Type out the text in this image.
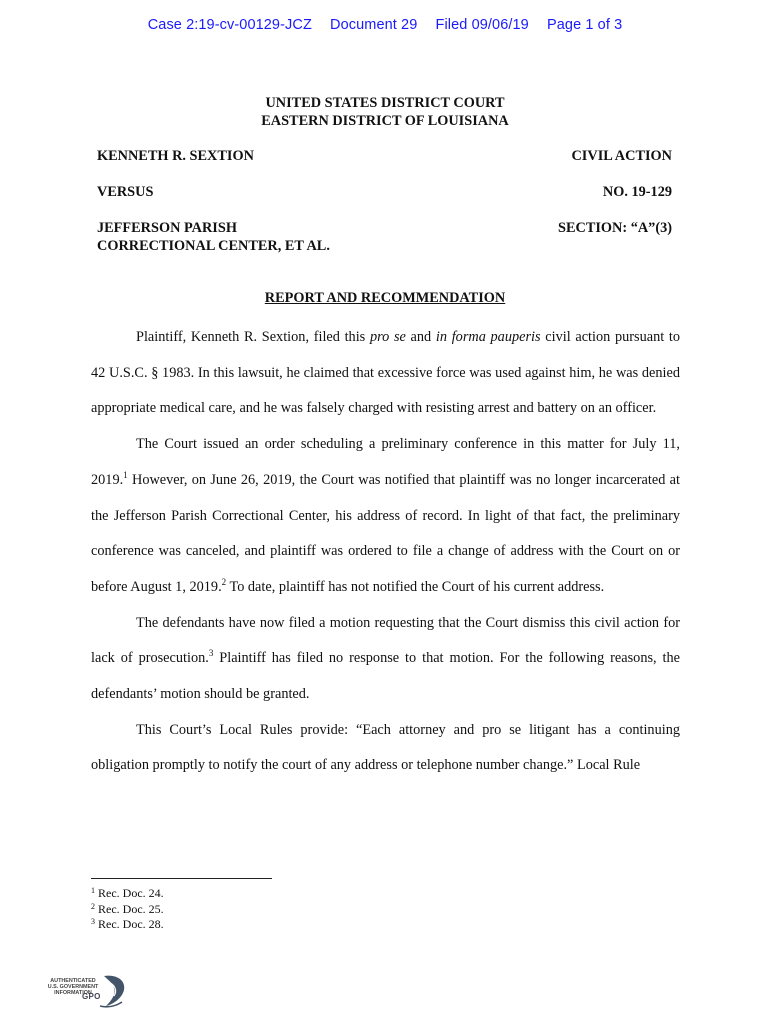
Case 2:19-cv-00129-JCZ Document 29 Filed 09/06/19 Page 1 of 3
UNITED STATES DISTRICT COURT
EASTERN DISTRICT OF LOUISIANA
KENNETH R. SEXTION	CIVIL ACTION
VERSUS	NO. 19-129
JEFFERSON PARISH
CORRECTIONAL CENTER, ET AL.
SECTION: “A”(3)
REPORT AND RECOMMENDATION

Plaintiff, Kenneth R. Sextion, filed this pro se and in forma pauperis civil action pursuant to 42 U.S.C. § 1983. In this lawsuit, he claimed that excessive force was used against him, he was denied appropriate medical care, and he was falsely charged with resisting arrest and battery on an officer.

The Court issued an order scheduling a preliminary conference in this matter for July 11, 2019.$^1$ However, on June 26, 2019, the Court was notified that plaintiff was no longer incarcerated at the Jefferson Parish Correctional Center, his address of record. In light of that fact, the preliminary conference was canceled, and plaintiff was ordered to file a change of address with the Court on or before August 1, 2019.$^2$ To date, plaintiff has not notified the Court of his current address.

The defendants have now filed a motion requesting that the Court dismiss this civil action for lack of prosecution.$^3$ Plaintiff has filed no response to that motion. For the following reasons, the defendants’ motion should be granted.

This Court’s Local Rules provide: “Each attorney and pro se litigant has a continuing obligation promptly to notify the court of any address or telephone number change.” Local Rule

$^1$ Rec. Doc. 24.
$^2$ Rec. Doc. 25.
$^3$ Rec. Doc. 28.
AUTHENTICATED
U.S. GOVERNMENT
INFORMATION
GPO
